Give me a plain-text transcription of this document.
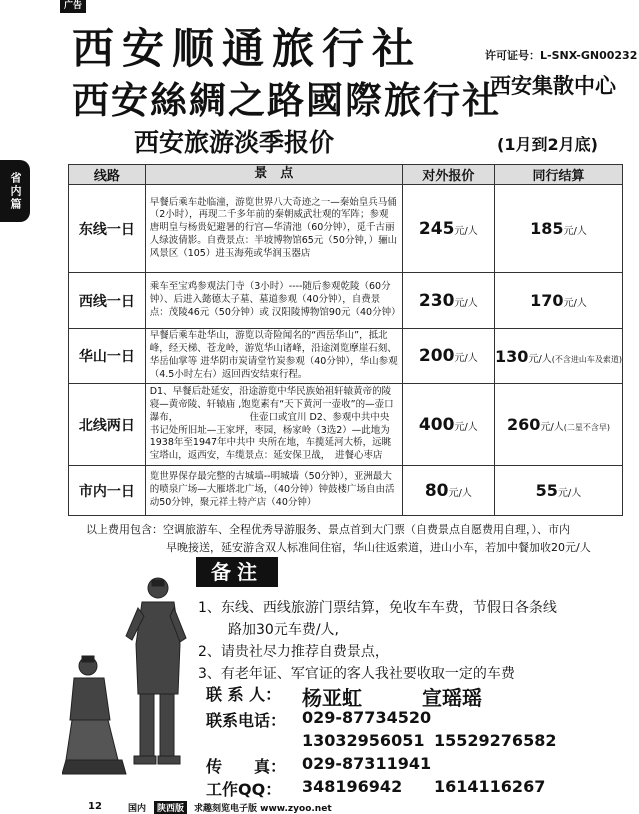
广告
省内篇
西安顺通旅行社	许可证号：L-SNX-GN00232
西安絲綢之路國際旅行社
西安集散中心
西安旅游淡季报价	(1月到2月底)
线路	景　点	对外报价	同行结算
东线一日	早餐后乘车赴临潼，游览世界八大奇迹之一—秦始皇兵马俑（2小时），再现二千多年前的秦朝威武壮观的军阵；参观唐明皇与杨贵妃避暑的行宫—华清池（60分钟），觅千古丽人绿波倩影。自费景点：半坡博物馆65元（50分钟，）骊山风景区（105）进玉海苑或华润玉器店	245元/人	185元/人
西线一日	乘车至宝鸡参观法门寺（3小时）----随后参观乾陵（60分钟）、后进入懿德太子墓、墓道参观（40分钟），自费景点：茂陵46元（50分钟）或 汉阳陵博物馆90元（40分钟）	230元/人	170元/人
华山一日	早餐后乘车赴华山，游览以奇险闻名的“西岳华山”，抵北峰，经天梯、苍龙岭，游览华山诸峰，沿途浏览摩崖石刻、华岳仙掌等 进华阴市炭请堂竹炭参观（40分钟），华山参观（4.5小时左右）返回西安结束行程。	200元/人	130元/人(不含进山车及索道)
北线两日	D1、早餐后赴延安，沿途游览中华民族始祖轩辕黄帝的陵寝—黄帝陵、轩辕庙 ,饱览素有“天下黄河一壶收”的—壶口瀑布，　　　　　　　　住壶口或宜川 D2、参观中共中央书记处所旧址—王家坪，枣园，杨家岭（3选2）—此地为1938年至1947年中共中 央所在地，车揽延河大桥，远眺宝塔山，返西安，车缆景点：延安保卫战，　进餐心枣店	400元/人	260元/人(二星不含早)
市内一日	览世界保存最完整的古城墙--明城墙（50分钟），亚洲最大的喷泉广场—大雁塔北广场，（40分钟）钟鼓楼广场自由活动50分钟，聚元祥土特产店（40分钟）	80元/人	55元/人
以上费用包含：空调旅游车、全程优秀导游服务、景点首到大门票（自费景点自愿费用自理，）、市内
早晚接送，延安游含双人标准间住宿，华山往返索道，进山小车，若加中餐加收20元/人
备注
1、东线、西线旅游门票结算，免收车车费，节假日各条线
路加30元车费/人,
2、请贵社尽力推荐自费景点，
3、有老年证、军官证的客人我社要收取一定的车费
联 系 人： 杨亚虹	宣瑶瑶
联系电话： 029-87734520
13032956051 15529276582
传　　真： 029-87311941
工作QQ： 348196942 1614116267
12	国内	陕西版	求趣刻览电子版 www.zyoo.net
